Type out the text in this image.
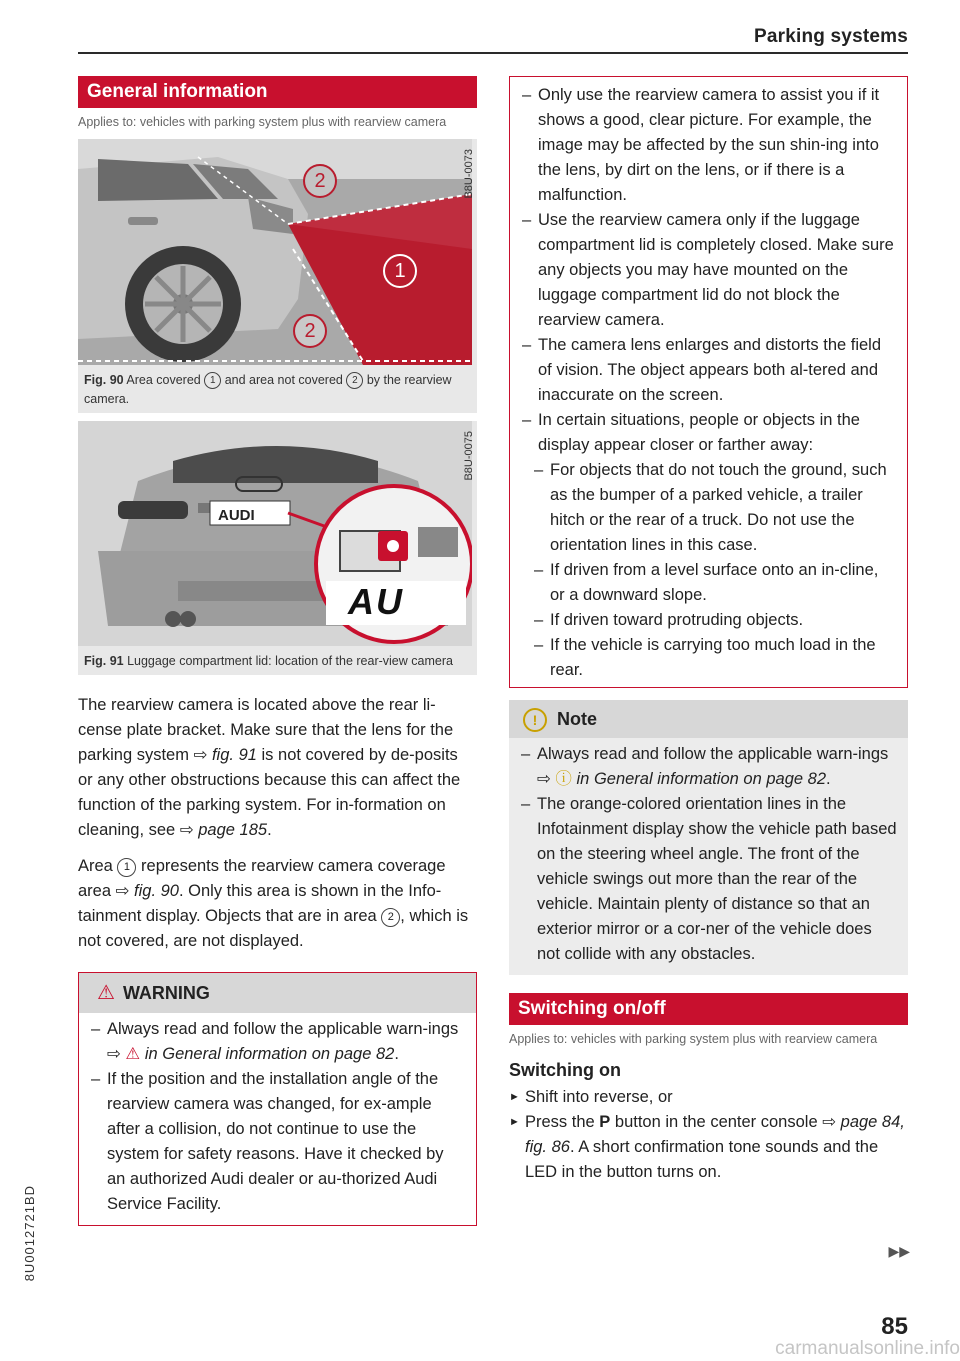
Parking systems
General information
Applies to: vehicles with parking system plus with rearview camera
2
1
2
B8U-0073
Fig. 90 Area covered 1 and area not covered 2 by the rearview camera.
AUDI
AU
B8U-0075
Fig. 91 Luggage compartment lid: location of the rear-view camera

The rearview camera is located above the rear li-cense plate bracket. Make sure that the lens for the parking system ⇨ fig. 91 is not covered by de-posits or any other obstructions because this can affect the function of the parking system. For in-formation on cleaning, see ⇨ page 185.

Area 1 represents the rearview camera coverage area ⇨ fig. 90. Only this area is shown in the Info-tainment display. Objects that are in area 2 , which is not covered, are not displayed.

⚠ WARNING
– Always read and follow the applicable warn-ings ⇨ ⚠ in General information on page 82.
– If the position and the installation angle of the rearview camera was changed, for ex-ample after a collision, do not continue to use the system for safety reasons. Have it checked by an authorized Audi dealer or au-thorized Audi Service Facility.
– Only use the rearview camera to assist you if it shows a good, clear picture. For example, the image may be affected by the sun shin-ing into the lens, by dirt on the lens, or if there is a malfunction.
– Use the rearview camera only if the luggage compartment lid is completely closed. Make sure any objects you may have mounted on the luggage compartment lid do not block the rearview camera.
– The camera lens enlarges and distorts the field of vision. The object appears both al-tered and inaccurate on the screen.
– In certain situations, people or objects in the display appear closer or farther away:
– For objects that do not touch the ground, such as the bumper of a parked vehicle, a trailer hitch or the rear of a truck. Do not use the orientation lines in this case.
– If driven from a level surface onto an in-cline, or a downward slope.
– If driven toward protruding objects.
– If the vehicle is carrying too much load in the rear.
! Note
– Always read and follow the applicable warn-ings ⇨ ⓘ in General information on page 82.
– The orange-colored orientation lines in the Infotainment display show the vehicle path based on the steering wheel angle. The front of the vehicle swings out more than the rear of the vehicle. Maintain plenty of distance so that an exterior mirror or a cor-ner of the vehicle does not collide with any obstacles.
Switching on/off
Applies to: vehicles with parking system plus with rearview camera
Switching on
► Shift into reverse, or
► Press the P button in the center console ⇨ page 84, fig. 86. A short confirmation tone sounds and the LED in the button turns on.
▶▶
8U0012721BD
85
carmanualsonline.info
